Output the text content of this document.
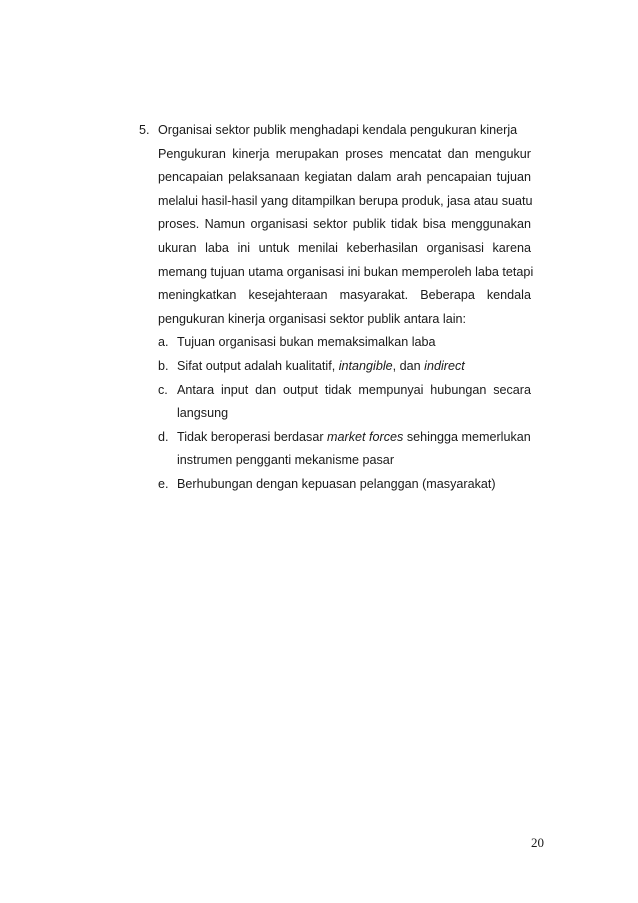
5. Organisai sektor publik menghadapi kendala pengukuran kinerja
Pengukuran kinerja merupakan proses mencatat dan mengukur
pencapaian pelaksanaan kegiatan dalam arah pencapaian tujuan
melalui hasil-hasil yang ditampilkan berupa produk, jasa atau suatu
proses. Namun organisasi sektor publik tidak bisa menggunakan
ukuran laba ini untuk menilai keberhasilan organisasi karena
memang tujuan utama organisasi ini bukan memperoleh laba tetapi
meningkatkan kesejahteraan masyarakat. Beberapa kendala
pengukuran kinerja organisasi sektor publik antara lain:
a. Tujuan organisasi bukan memaksimalkan laba
b. Sifat output adalah kualitatif, intangible, dan indirect
c. Antara input dan output tidak mempunyai hubungan secara
langsung
d. Tidak beroperasi berdasar market forces sehingga memerlukan
instrumen pengganti mekanisme pasar
e. Berhubungan dengan kepuasan pelanggan (masyarakat)
20
